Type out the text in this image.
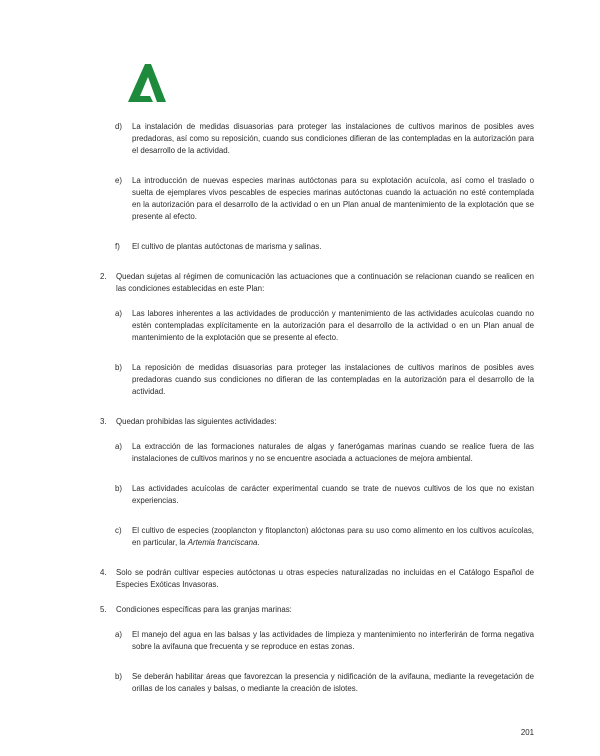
d)	La instalación de medidas disuasorias para proteger las instalaciones de cultivos marinos de posibles aves predadoras, así como su reposición, cuando sus condiciones difieran de las contempladas en la autorización para el desarrollo de la actividad.
e)	La introducción de nuevas especies marinas autóctonas para su explotación acuícola, así como el traslado o suelta de ejemplares vivos pescables de especies marinas autóctonas cuando la actuación no esté contemplada en la autorización para el desarrollo de la actividad o en un Plan anual de mantenimiento de la explotación que se presente al efecto.
f)	El cultivo de plantas autóctonas de marisma y salinas.
2.	Quedan sujetas al régimen de comunicación las actuaciones que a continuación se relacionan cuando se realicen en las condiciones establecidas en este Plan:
a)	Las labores inherentes a las actividades de producción y mantenimiento de las actividades acuícolas cuando no estén contempladas explícitamente en la autorización para el desarrollo de la actividad o en un Plan anual de mantenimiento de la explotación que se presente al efecto.
b)	La reposición de medidas disuasorias para proteger las instalaciones de cultivos marinos de posibles aves predadoras cuando sus condiciones no difieran de las contempladas en la autorización para el desarrollo de la actividad.
3.	Quedan prohibidas las siguientes actividades:
a)	La extracción de las formaciones naturales de algas y fanerógamas marinas cuando se realice fuera de las instalaciones de cultivos marinos y no se encuentre asociada a actuaciones de mejora ambiental.
b)	Las actividades acuícolas de carácter experimental cuando se trate de nuevos cultivos de los que no existan experiencias.
c)	El cultivo de especies (zooplancton y fitoplancton) alóctonas para su uso como alimento en los cultivos acuícolas, en particular, la Artemia franciscana.
4.	Solo se podrán cultivar especies autóctonas u otras especies naturalizadas no incluidas en el Catálogo Español de Especies Exóticas Invasoras.
5.	Condiciones específicas para las granjas marinas:
a)	El manejo del agua en las balsas y las actividades de limpieza y mantenimiento no interferirán de forma negativa sobre la avifauna que frecuenta y se reproduce en estas zonas.
b)	Se deberán habilitar áreas que favorezcan la presencia y nidificación de la avifauna, mediante la revegetación de orillas de los canales y balsas, o mediante la creación de islotes.
201
